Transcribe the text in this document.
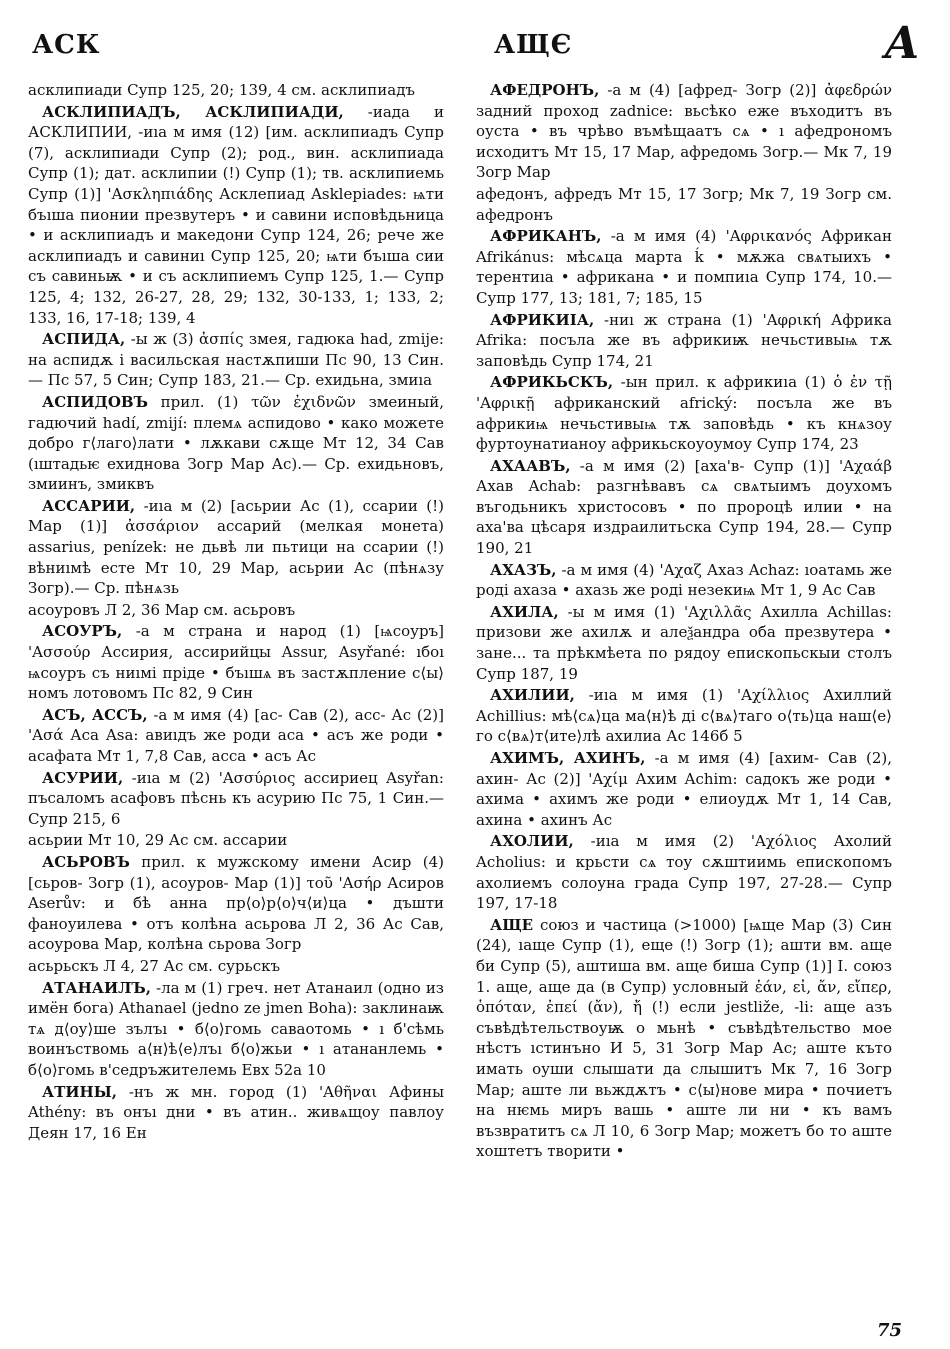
АСК	АЩЄ	А

асклипиади Супр 125, 20; 139, 4 см. асклипиадъ

АСКЛИПИАДЪ, АСКЛИПИАДИ, -иада и АСКЛИПИИ, -иıа м имя (12) [им. асклипиадъ Супр (7), асклипиади Супр (2); род., вин. асклипиада Супр (1); дат. асклипии (!) Супр (1); тв. асклипиемь Супр (1)] 'Ασκληπιάδης Асклепиад Asklepiades: ѩти бъıша пионии презвутеръ • и савини исповѣдьница • и асклипиадъ и македони Супр 124, 26; рече же асклипиадъ и савиниı Супр 125, 20; ѩти бъıша сии съ савиньѭ • и съ асклипиемъ Супр 125, 1.— Супр 125, 4; 132, 26-27, 28, 29; 132, 30-133, 1; 133, 2; 133, 16, 17-18; 139, 4

АСПИДА, -ы ж (3) ἀσπίς змея, гадюка had, zmije: на аспидѫ і васильская настѫпиши Пс 90, 13 Син.— Пс 57, 5 Син; Супр 183, 21.— Ср. ехидьна, змиıа

АСПИДОВЪ прил. (1) τῶν ἐχιδνῶν змеиный, гадючий hadí, zmijí: племѧ аспидово • како можете добро г⟨лаго⟩лати • лѫкави сѫще Мт 12, 34 Сав (ıштадьѥ ехиднова Зогр Мар Ас).— Ср. ехидьновъ, змиинъ, змиквъ

АССАРИИ, -иıа м (2) [асьрии Ас (1), ссарии (!) Мар (1)] ἀσσάριον ассарий (мелкая монета) assarius, penízek: не дьвѣ ли пьтици на ссарии (!) вѣниıмѣ есте Мт 10, 29 Мар, асьрии Ас (пѣнѧзу Зогр).— Ср. пѣнѧзь

асоуровъ Л 2, 36 Мар см. асьровъ

АСОУРЪ, -а м страна и народ (1) [ѩсоуръ] 'Ασσούρ Ассирия, ассирийцы Assur, Asyřané: ıбоı ѩсоуръ съ ниıмі пріде • бъıшѧ въ застѫпление с⟨ы⟩номъ лотовомъ Пс 82, 9 Син

АСЪ, АССЪ, -а м имя (4) [ас- Сав (2), асс- Ас (2)] 'Ασά Аса Asa: авиıдъ же роди аса • асъ же роди • асафата Мт 1, 7,8 Сав, асса • асъ Ас

АСУРИИ, -иıа м (2) 'Ασσύριος ассириец Asyřan: пъсаломъ асафовъ пѣснь къ асурию Пс 75, 1 Син.— Супр 215, 6

асьрии Мт 10, 29 Ас см. ассарии

АСЬРОВЪ прил. к мужскому имени Асир (4) [сьров- Зогр (1), асоуров- Мар (1)] τοῦ 'Ασήρ Асиров Aserův: и бѣ анна пр⟨о⟩р⟨о⟩ч⟨и⟩ца • дъшти фаноуилева • отъ колѣна асьрова Л 2, 36 Ас Сав, асоурова Мар, колѣна сьрова Зогр

асьрьскъ Л 4, 27 Ас см. сурьскъ

АТАНАИЛЪ, -ла м (1) греч. нет Атанаил (одно из имён бога) Athanael (jedno ze jmen Boha): заклинаѭ тѧ д⟨оу⟩ше зълъı • б⟨о⟩гомь саваотомь • ı б'сѣмь воинъствомь а⟨н⟩ѣ⟨е⟩лъı б⟨о⟩жьи • ı атананлемь • б⟨о⟩гомь в'седръжителемь Евх 52а 10

АТИНЫ, -нъ ж мн. город (1) 'Αθῆναι Афины Athény: въ онъı дни • въ атин.. живѧщоу павлоу Деян 17, 16 Ен

АФЕДРОНЪ, -а м (4) [афред- Зогр (2)] ἀφεδρών задний проход zadnice: вьсѣко еже въходитъ въ оуста • въ чрѣво въмѣщаатъ сѧ • ı афедрономъ исходитъ Мт 15, 17 Мар, афредомь Зогр.— Мк 7, 19 Зогр Мар

афедонъ, афредъ Мт 15, 17 Зогр; Мк 7, 19 Зогр см. афедронъ

АФРИКАНЪ, -а м имя (4) 'Αφρικανός Африкан Afrikánus: мѣсѧца марта ḱ • мѫжа свѧтыихъ • терентиıа • африкана • и помпиıа Супр 174, 10.— Супр 177, 13; 181, 7; 185, 15

АФРИКИIА, -ниı ж страна (1) 'Αφρική Африка Afrika: посъла же въ африкиѭ нечьстивыѩ тѫ заповѣдь Супр 174, 21

АФРИКЬСКЪ, -ын прил. к африкиıа (1) ὁ ἐν τῇ 'Αφρικῇ африканский africký: посъла же въ африкиѩ нечьстивыѩ тѫ заповѣдь • къ кнѧзоу фуртоунатианоу африкьскоуоумоу Супр 174, 23

АХААВЪ, -а м имя (2) [аха'в- Супр (1)] 'Αχαάβ Ахав Achab: разгнѣвавъ сѧ свѧтыимъ доухомъ въгодьникъ христосовъ • по пророцѣ илии • на аха'ва цѣсаря издраилитьска Супр 194, 28.— Супр 190, 21

АХАЗЪ, -а м имя (4) 'Αχαζ Ахаз Achaz: ıоатамь же роді ахаза • ахазь же роді незекиѩ Мт 1, 9 Ас Сав

АХИЛА, -ы м имя (1) 'Αχιλλᾶς Ахилла Achillas: призови же ахилѫ и алеѯандра оба презвутера • зане... та прѣкмѣета по рядоу епископьскыи столъ Супр 187, 19

АХИЛИИ, -иıа м имя (1) 'Αχίλλιος Ахиллий Achillius: мѣ⟨сѧ⟩ца ма⟨н⟩ѣ ді с⟨вѧ⟩таго о⟨ть⟩ца наш⟨е⟩го с⟨вѧ⟩т⟨ите⟩лѣ ахилиа Ас 146б 5

АХИМЪ, АХИНЪ, -а м имя (4) [ахим- Сав (2), ахин- Ас (2)] 'Αχίμ Ахим Achim: садокъ же роди • ахима • ахимъ же роди • елиоудѫ Мт 1, 14 Сав, ахина • ахинъ Ас

АХОЛИИ, -иıа м имя (2) 'Αχόλιος Ахолий Acholius: и крьсти сѧ тоу сѫштиимь епископомъ ахолиемъ солоуна града Супр 197, 27-28.— Супр 197, 17-18

АЩЕ союз и частица (>1000) [ѩще Мар (3) Син (24), ıаще Супр (1), еще (!) Зогр (1); ашти вм. аще би Супр (5), аштиша вм. аще биша Супр (1)] I. союз 1. аще, аще да (в Супр) условный ἐάν, εἰ, ἄν, εἴπερ, ὁπόταν, ἐπεί (ἄν), ἤ (!) если jestliže, -li: аще азъ съвѣдѣтельствоуѭ о мьнѣ • съвѣдѣтельство мое нѣстъ ıстинъно И 5, 31 Зогр Мар Ас; аште къто имать оуши слышати да слышитъ Мк 7, 16 Зогр Мар; аште ли вьждѫтъ • с⟨ы⟩нове мира • почиетъ на нѥмь миръ вашь • аште ли ни • къ вамъ възвратитъ сѧ Л 10, 6 Зогр Мар; можетъ бо то аште хоштетъ творити •

75
